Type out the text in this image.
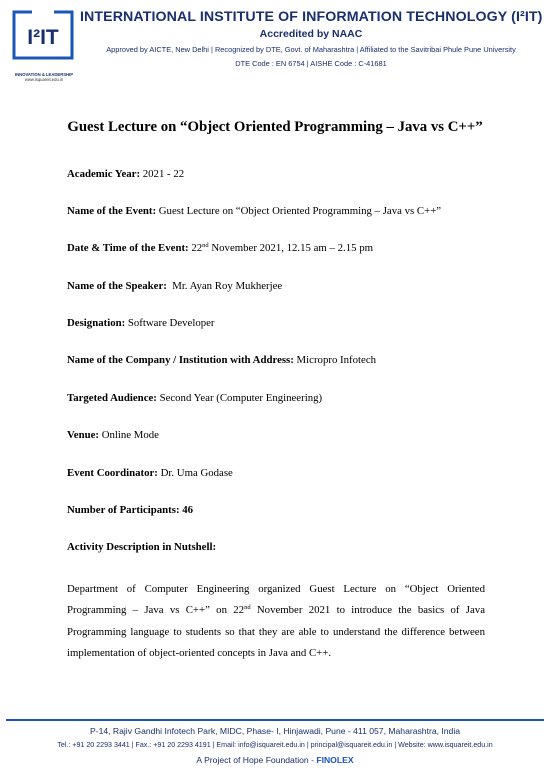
I²IT
INNOVATION & LEADERSHIP
www.isquareit.edu.in
INTERNATIONAL INSTITUTE OF INFORMATION TECHNOLOGY (I²IT)
Accredited by NAAC
Approved by AICTE, New Delhi | Recognized by DTE, Govt. of Maharashtra | Affiliated to the Savitribai Phule Pune University
DTE Code : EN 6754 | AISHE Code : C-41681
Guest Lecture on “Object Oriented Programming – Java vs C++”
Academic Year: 2021 - 22
Name of the Event: Guest Lecture on “Object Oriented Programming – Java vs C++”
Date & Time of the Event: 22nd November 2021, 12.15 am – 2.15 pm
Name of the Speaker:  Mr. Ayan Roy Mukherjee
Designation: Software Developer
Name of the Company / Institution with Address: Micropro Infotech
Targeted Audience: Second Year (Computer Engineering)
Venue: Online Mode
Event Coordinator: Dr. Uma Godase
Number of Participants: 46
Activity Description in Nutshell:
Department of Computer Engineering organized Guest Lecture on “Object Oriented
Programming – Java vs C++” on 22nd November 2021 to introduce the basics of Java
Programming language to students so that they are able to understand the difference between
implementation of object-oriented concepts in Java and C++.
P-14, Rajiv Gandhi Infotech Park, MIDC, Phase- I, Hinjawadi, Pune - 411 057, Maharashtra, India
Tel.: +91 20 2293 3441 | Fax.: +91 20 2293 4191 | Email: info@isquareit.edu.in | principal@isquareit.edu.in | Website: www.isquareit.edu.in
A Project of Hope Foundation - FINOLEX
